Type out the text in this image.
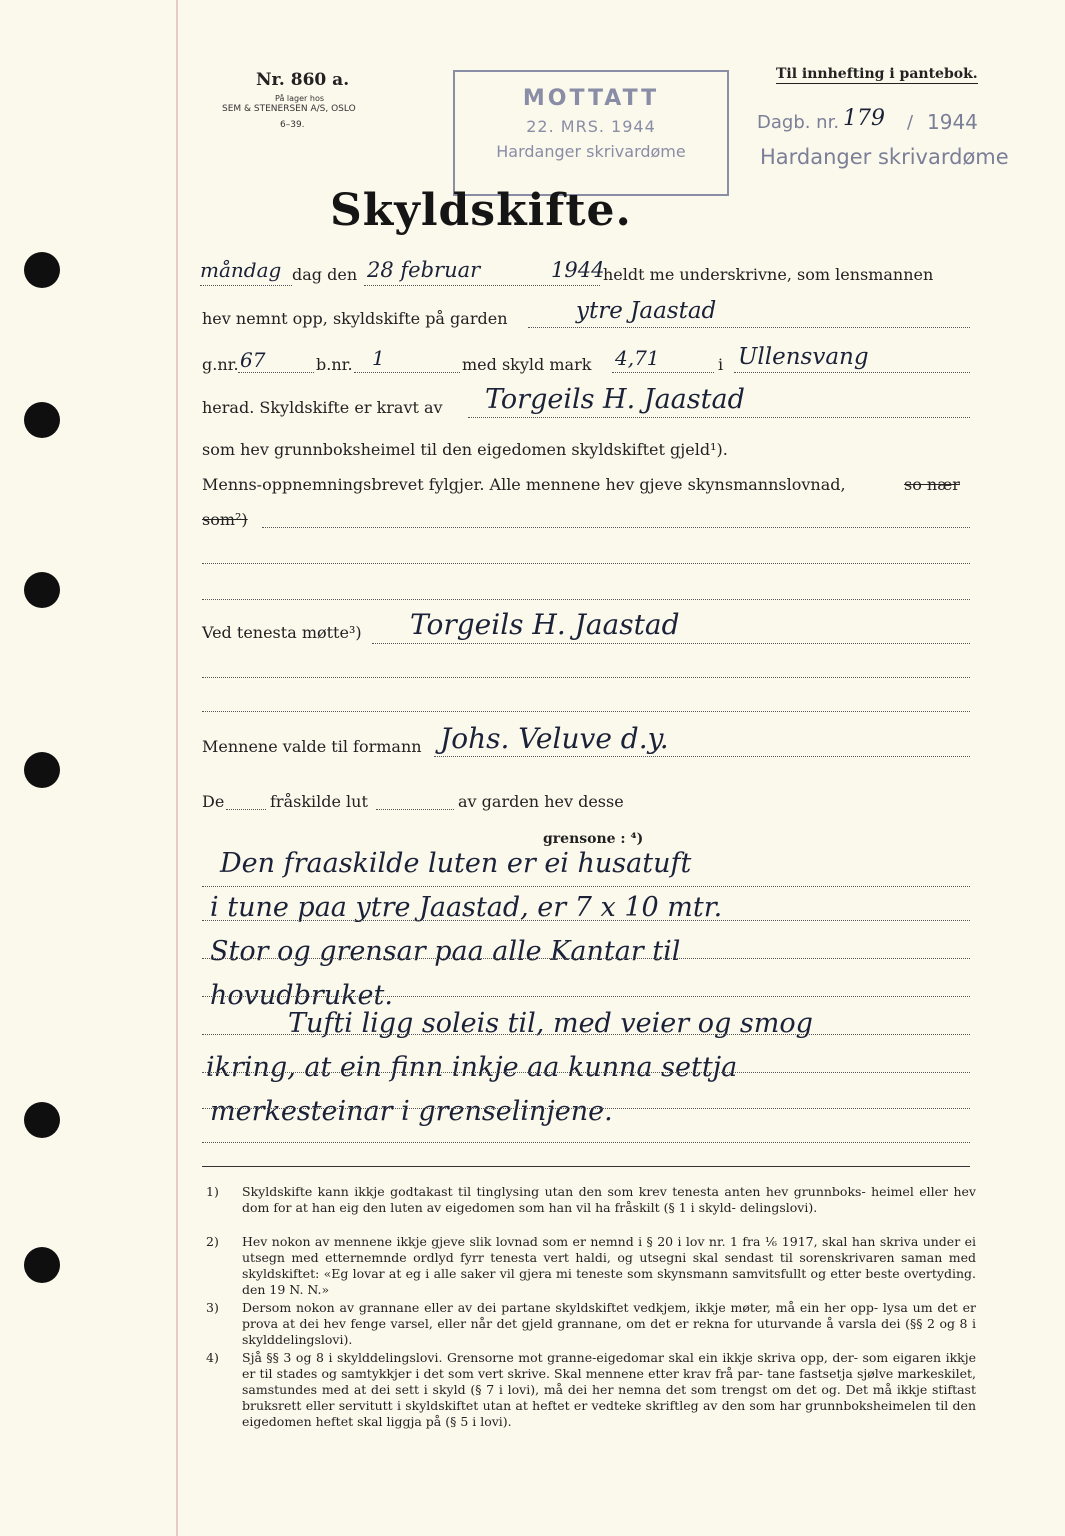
Nr. 860 a.
På lager hos
SEM & STENERSEN A/S, OSLO
6–39.
Til innhefting i pantebok.
MOTTATT
22. MRS. 1944
Hardanger skrivardøme
Dagb. nr. 179 / 1944
Hardanger skrivardøme
Skyldskifte.
måndag dag den 28 februar	1944
heldt me underskrivne, som lensmannen
hev nemnt opp, skyldskifte på garden	ytre Jaastad
g.nr. 67	b.nr. 1	med skyld mark 4,71	i Ullensvang
herad. Skyldskifte er kravt av Torgeils H. Jaastad
som hev grunnboksheimel til den eigedomen skyldskiftet gjeld¹).
Menns-oppnemningsbrevet fylgjer. Alle mennene hev gjeve skynsmannslovnad,	so nær
som²)
Ved tenesta møtte³) Torgeils H. Jaastad
Mennene valde til formann Johs. Veluve d.y.
De	fråskilde lut	av garden hev desse
grensone : ⁴)
Den fraaskilde luten er ei husatuft
i tune paa ytre Jaastad, er 7 x 10 mtr.
Stor og grensar paa alle Kantar til
hovudbruket.
Tufti ligg soleis til, med veier og smog
ikring, at ein finn inkje aa kunna settja
merkesteinar i grenselinjene.
1) Skyldskifte kann ikkje godtakast til tinglysing utan den som krev tenesta anten hev grunnboks- heimel eller hev dom for at han eig den luten av eigedomen som han vil ha fråskilt (§ 1 i skyld- delingslovi).
2) Hev nokon av mennene ikkje gjeve slik lovnad som er nemnd i § 20 i lov nr. 1 fra ⅙ 1917, skal han skriva under ei utsegn med etternemnde ordlyd fyrr tenesta vert haldi, og utsegni skal sendast til sorenskrivaren saman med skyldskiftet: «Eg lovar at eg i alle saker vil gjera mi teneste som skynsmann samvitsfullt og etter beste overtyding. den 19 N. N.»
3) Dersom nokon av grannane eller av dei partane skyldskiftet vedkjem, ikkje møter, må ein her opp- lysa um det er prova at dei hev fenge varsel, eller når det gjeld grannane, om det er rekna for uturvande å varsla dei (§§ 2 og 8 i skylddelingslovi).
4) Sjå §§ 3 og 8 i skylddelingslovi. Grensorne mot granne-eigedomar skal ein ikkje skriva opp, der- som eigaren ikkje er til stades og samtykkjer i det som vert skrive. Skal mennene etter krav frå par- tane fastsetja sjølve markeskilet, samstundes med at dei sett i skyld (§ 7 i lovi), må dei her nemna det som trengst om det og. Det må ikkje stiftast bruksrett eller servitutt i skyldskiftet utan at heftet er vedteke skriftleg av den som har grunnboksheimelen til den eigedomen heftet skal liggja på (§ 5 i lovi).
